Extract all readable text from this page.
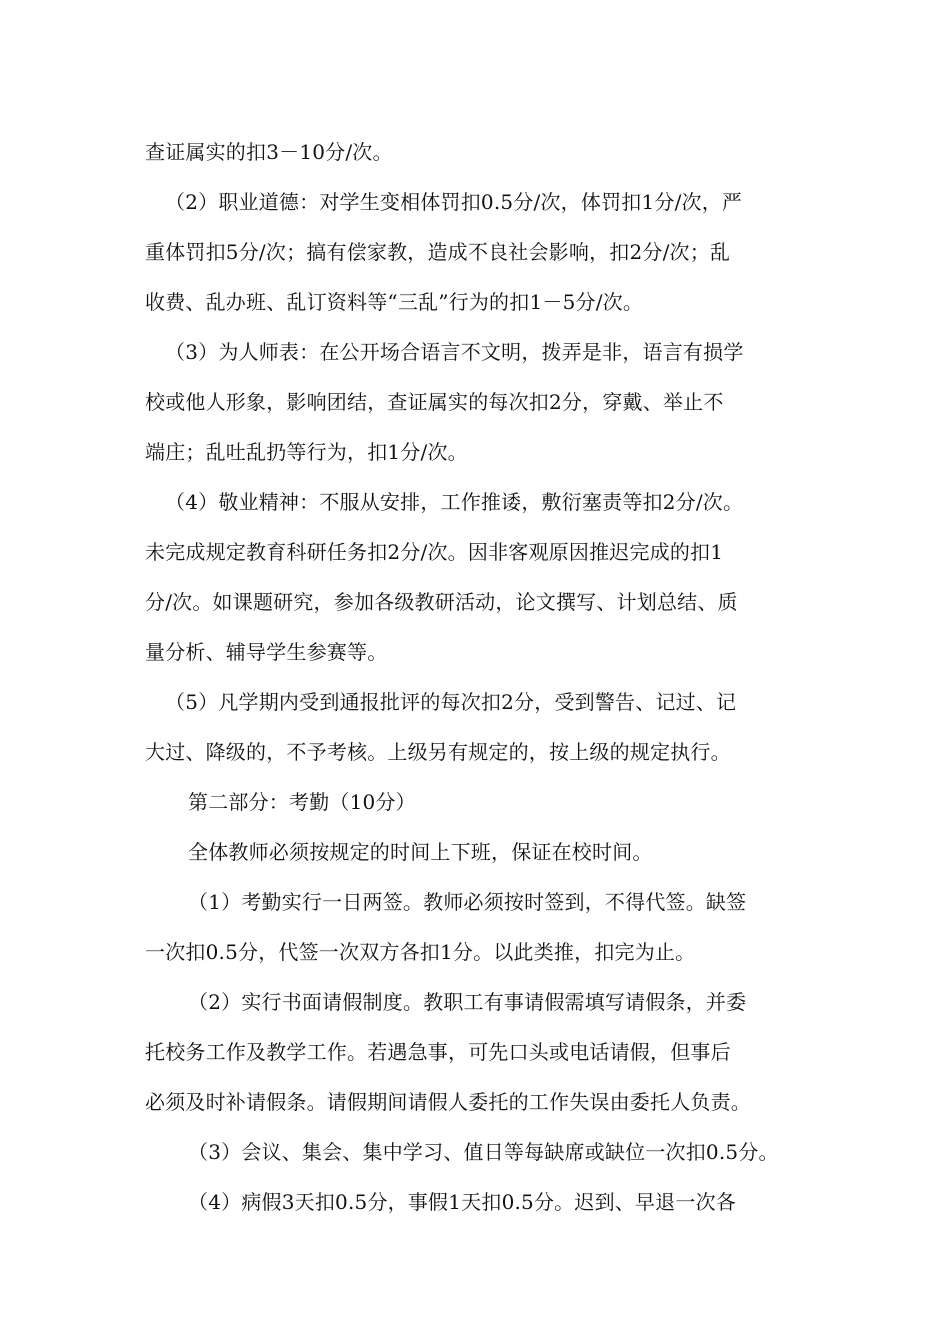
查证属实的扣3－10分/次。
（2）职业道德：对学生变相体罚扣0.5分/次，体罚扣1分/次，严
重体罚扣5分/次；搞有偿家教，造成不良社会影响，扣2分/次；乱
收费、乱办班、乱订资料等“三乱”行为的扣1－5分/次。
（3）为人师表：在公开场合语言不文明，拨弄是非，语言有损学
校或他人形象，影响团结，查证属实的每次扣2分，穿戴、举止不
端庄；乱吐乱扔等行为，扣1分/次。
（4）敬业精神：不服从安排，工作推诿，敷衍塞责等扣2分/次。
未完成规定教育科研任务扣2分/次。因非客观原因推迟完成的扣1
分/次。如课题研究，参加各级教研活动，论文撰写、计划总结、质
量分析、辅导学生参赛等。
（5）凡学期内受到通报批评的每次扣2分，受到警告、记过、记
大过、降级的，不予考核。上级另有规定的，按上级的规定执行。
第二部分：考勤（10分）
全体教师必须按规定的时间上下班，保证在校时间。
（1）考勤实行一日两签。教师必须按时签到，不得代签。缺签
一次扣0.5分，代签一次双方各扣1分。以此类推，扣完为止。
（2）实行书面请假制度。教职工有事请假需填写请假条，并委
托校务工作及教学工作。若遇急事，可先口头或电话请假，但事后
必须及时补请假条。请假期间请假人委托的工作失误由委托人负责。
（3）会议、集会、集中学习、值日等每缺席或缺位一次扣0.5分。
（4）病假3天扣0.5分，事假1天扣0.5分。迟到、早退一次各
